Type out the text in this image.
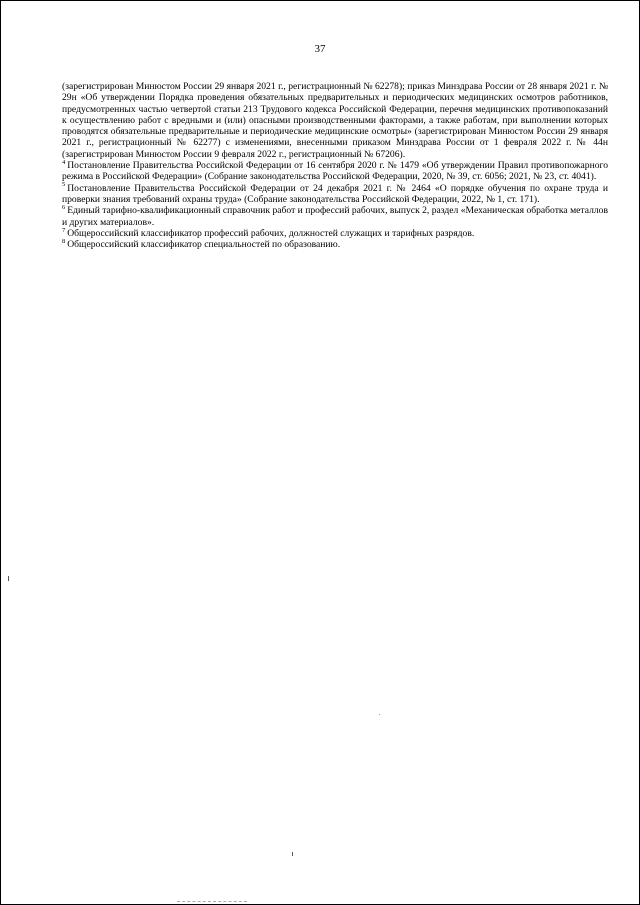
37

(зарегистрирован Минюстом России 29 января 2021 г., регистрационный № 62278); приказ Минздрава России от 28 января 2021 г. № 29н «Об утверждении Порядка проведения обязательных предварительных и периодических медицинских осмотров работников, предусмотренных частью четвертой статьи 213 Трудового кодекса Российской Федерации, перечня медицинских противопоказаний к осуществлению работ с вредными и (или) опасными производственными факторами, а также работам, при выполнении которых проводятся обязательные предварительные и периодические медицинские осмотры» (зарегистрирован Минюстом России 29 января 2021 г., регистрационный № 62277) с изменениями, внесенными приказом Минздрава России от 1 февраля 2022 г. № 44н (зарегистрирован Минюстом России 9 февраля 2022 г., регистрационный № 67206).

$^4$ Постановление Правительства Российской Федерации от 16 сентября 2020 г. № 1479 «Об утверждении Правил противопожарного режима в Российской Федерации» (Собрание законодательства Российской Федерации, 2020, № 39, ст. 6056; 2021, № 23, ст. 4041).

$^5$ Постановление Правительства Российской Федерации от 24 декабря 2021 г. № 2464 «О порядке обучения по охране труда и проверки знания требований охраны труда» (Собрание законодательства Российской Федерации, 2022, № 1, ст. 171).

$^6$ Единый тарифно-квалификационный справочник работ и профессий рабочих, выпуск 2, раздел «Механическая обработка металлов и других материалов».

$^7$ Общероссийский классификатор профессий рабочих, должностей служащих и тарифных разрядов.

$^8$ Общероссийский классификатор специальностей по образованию.
